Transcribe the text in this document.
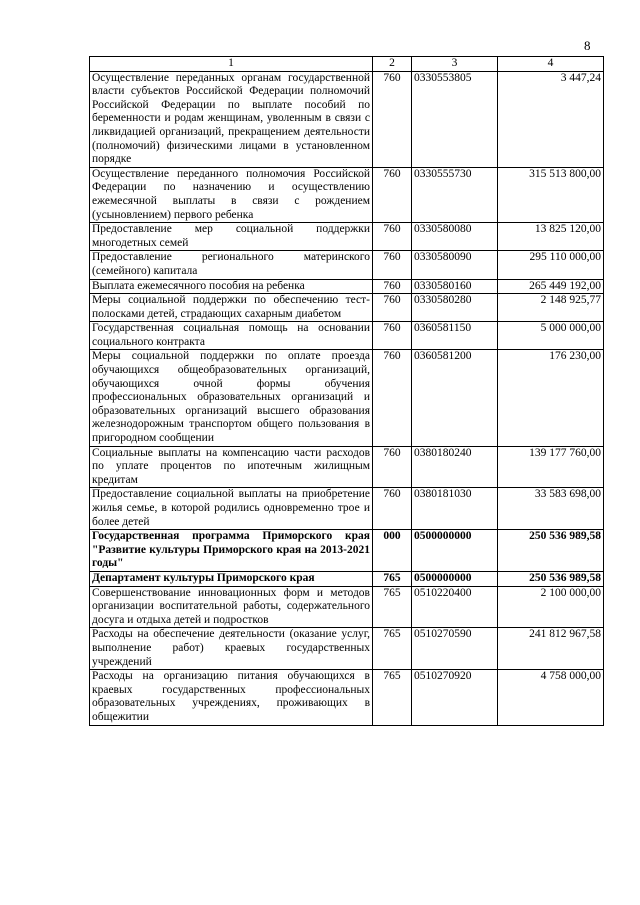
8
1	2	3	4
Осуществление переданных органам государственной власти субъектов Российской Федерации полномочий Российской Федерации по выплате пособий по беременности и родам женщинам, уволенным в связи с ликвидацией организаций, прекращением деятельности (полномочий) физическими лицами в установленном порядке	760	0330553805	3 447,24
Осуществление переданного полномочия Российской Федерации по назначению и осуществлению ежемесячной выплаты в связи с рождением (усыновлением) первого ребенка	760	0330555730	315 513 800,00
Предоставление мер социальной поддержки многодетных семей	760	0330580080	13 825 120,00
Предоставление регионального материнского (семейного) капитала	760	0330580090	295 110 000,00
Выплата ежемесячного пособия на ребенка	760	0330580160	265 449 192,00
Меры социальной поддержки по обеспечению тест-полосками детей, страдающих сахарным диабетом	760	0330580280	2 148 925,77
Государственная социальная помощь на основании социального контракта	760	0360581150	5 000 000,00
Меры социальной поддержки по оплате проезда обучающихся общеобразовательных организаций, обучающихся очной формы обучения профессиональных образовательных организаций и образовательных организаций высшего образования железнодорожным транспортом общего пользования в пригородном сообщении	760	0360581200	176 230,00
Социальные выплаты на компенсацию части расходов по уплате процентов по ипотечным жилищным кредитам	760	0380180240	139 177 760,00
Предоставление социальной выплаты на приобретение жилья семье, в которой родились одновременно трое и более детей	760	0380181030	33 583 698,00
Государственная программа Приморского края "Развитие культуры Приморского края на 2013-2021 годы"	000	0500000000	250 536 989,58
Департамент культуры Приморского края	765	0500000000	250 536 989,58
Совершенствование инновационных форм и методов организации воспитательной работы, содержательного досуга и отдыха детей и подростков	765	0510220400	2 100 000,00
Расходы на обеспечение деятельности (оказание услуг, выполнение работ) краевых государственных учреждений	765	0510270590	241 812 967,58
Расходы на организацию питания обучающихся в краевых государственных профессиональных образовательных учреждениях, проживающих в общежитии	765	0510270920	4 758 000,00
